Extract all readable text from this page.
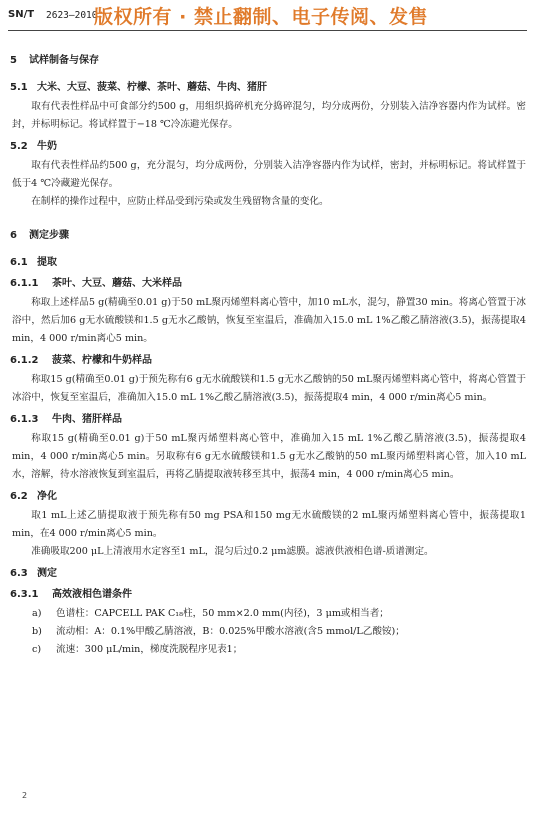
SN/T 2623—2010
版权所有 · 禁止翻制、电子传阅、发售
5 试样制备与保存
5.1 大米、大豆、菠菜、柠檬、茶叶、蘑菇、牛肉、猪肝
取有代表性样品中可食部分约500 g，用组织捣碎机充分捣碎混匀，均分成两份，分别装入洁净容器内作为试样。密封，并标明标记。将试样置于−18 ℃冷冻避光保存。
5.2 牛奶
取有代表性样品约500 g，充分混匀，均分成两份，分别装入洁净容器内作为试样，密封，并标明标记。将试样置于低于4 ℃冷藏避光保存。
在制样的操作过程中，应防止样品受到污染或发生残留物含量的变化。
6 测定步骤
6.1 提取
6.1.1 茶叶、大豆、蘑菇、大米样品
称取上述样品5 g(精确至0.01 g)于50 mL聚丙烯塑料离心管中，加10 mL水，混匀，静置30 min。将离心管置于冰浴中，然后加6 g无水硫酸镁和1.5 g无水乙酸钠，恢复至室温后，准确加入15.0 mL 1%乙酸乙腈溶液(3.5)，振荡提取4 min，4 000 r/min离心5 min。
6.1.2 菠菜、柠檬和牛奶样品
称取15 g(精确至0.01 g)于预先称有6 g无水硫酸镁和1.5 g无水乙酸钠的50 mL聚丙烯塑料离心管中，将离心管置于冰浴中，恢复至室温后，准确加入15.0 mL 1%乙酸乙腈溶液(3.5)，振荡提取4 min，4 000 r/min离心5 min。
6.1.3 牛肉、猪肝样品
称取15 g(精确至0.01 g)于50 mL聚丙烯塑料离心管中，准确加入15 mL 1%乙酸乙腈溶液(3.5)，振荡提取4 min，4 000 r/min离心5 min。另取称有6 g无水硫酸镁和1.5 g无水乙酸钠的50 mL聚丙烯塑料离心管，加入10 mL水，溶解，待水溶液恢复到室温后，再将乙腈提取液转移至其中，振荡4 min，4 000 r/min离心5 min。
6.2 净化
取1 mL上述乙腈提取液于预先称有50 mg PSA和150 mg无水硫酸镁的2 mL聚丙烯塑料离心管中，振荡提取1 min，在4 000 r/min离心5 min。
准确吸取200 μL上清液用水定容至1 mL，混匀后过0.2 μm滤膜。滤液供液相色谱-质谱测定。
6.3 测定
6.3.1 高效液相色谱条件
a) 色谱柱：CAPCELL PAK C₁₈柱，50 mm×2.0 mm(内径)，3 μm或相当者；
b) 流动相：A：0.1%甲酸乙腈溶液，B：0.025%甲酸水溶液(含5 mmol/L乙酸铵)；
c) 流速：300 μL/min，梯度洗脱程序见表1；
2
